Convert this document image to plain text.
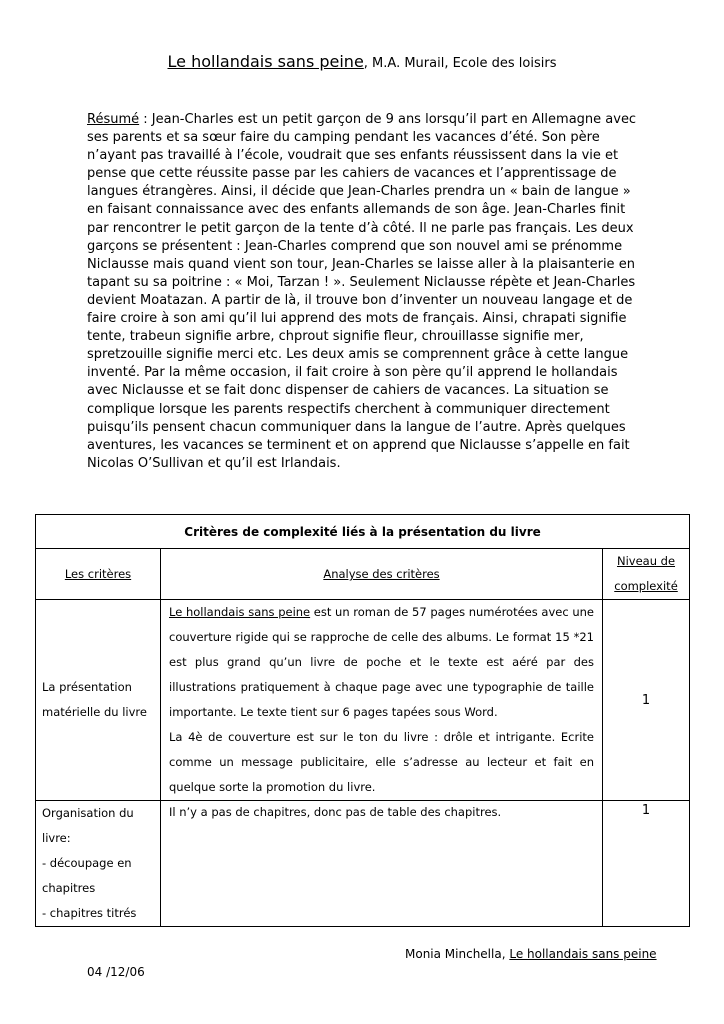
Le hollandais sans peine, M.A. Murail, Ecole des loisirs

Résumé : Jean-Charles est un petit garçon de 9 ans lorsqu’il part en Allemagne avec ses parents et sa sœur faire du camping pendant les vacances d’été. Son père n’ayant pas travaillé à l’école, voudrait que ses enfants réussissent dans la vie et pense que cette réussite passe par les cahiers de vacances et l’apprentissage de langues étrangères. Ainsi, il décide que Jean-Charles prendra un « bain de langue » en faisant connaissance avec des enfants allemands de son âge. Jean-Charles finit par rencontrer le petit garçon de la tente d’à côté. Il ne parle pas français. Les deux garçons se présentent : Jean-Charles comprend que son nouvel ami se prénomme Niclausse mais quand vient son tour, Jean-Charles se laisse aller à la plaisanterie en tapant su sa poitrine : « Moi, Tarzan ! ». Seulement Niclausse répète et Jean-Charles devient Moatazan. A partir de là, il trouve bon d’inventer un nouveau langage et de faire croire à son ami qu’il lui apprend des mots de français. Ainsi, chrapati signifie tente, trabeun signifie arbre, chprout signifie fleur, chrouillasse signifie mer, spretzouille signifie merci etc. Les deux amis se comprennent grâce à cette langue inventé. Par la même occasion, il fait croire à son père qu’il apprend le hollandais avec Niclausse et se fait donc dispenser de cahiers de vacances. La situation se complique lorsque les parents respectifs cherchent à communiquer directement puisqu’ils pensent chacun communiquer dans la langue de l’autre. Après quelques aventures, les vacances se terminent et on apprend que Niclausse s’appelle en fait Nicolas O’Sullivan et qu’il est Irlandais.

Critères de complexité liés à la présentation du livre		
Les critères	Analyse des critères	Niveau de
complexité
La présentation
matérielle du livre	Le hollandais sans peine est un roman de 57 pages numérotées avec une couverture rigide qui se rapproche de celle des albums. Le format 15 *21 est plus grand qu’un livre de poche et le texte est aéré par des illustrations pratiquement à chaque page avec une typographie de taille importante. Le texte tient sur 6 pages tapées sous Word.
La 4è de couverture est sur le ton du livre : drôle et intrigante. Ecrite comme un message publicitaire, elle s’adresse au lecteur et fait en quelque sorte la promotion du livre.	1
Organisation du
livre:
- découpage en
chapitres
- chapitres titrés	Il n’y a pas de chapitres, donc pas de table des chapitres.	1
Monia Minchella, Le hollandais sans peine
04 /12/06
